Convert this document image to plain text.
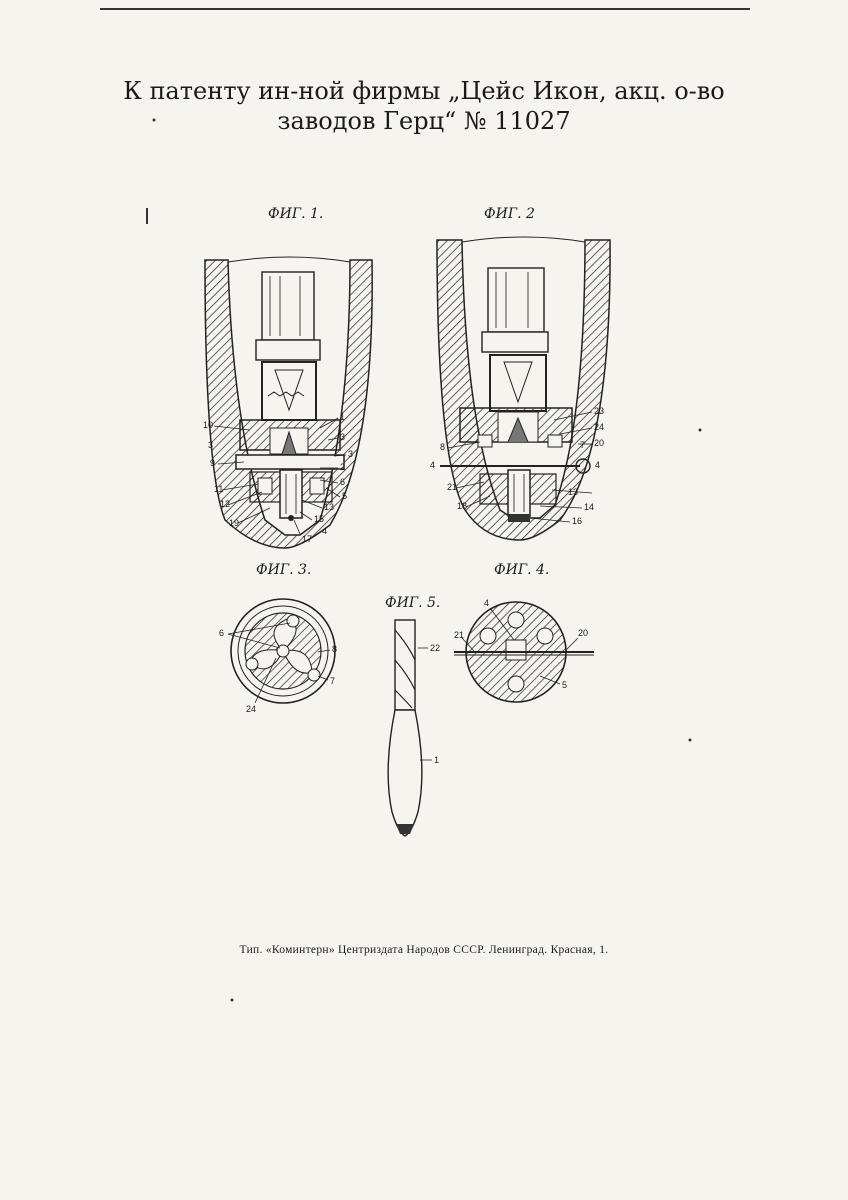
К патенту ин-ной фирмы „Цейс Икон, акц. о-во
заводов Герц“ № 11027
ФИГ. 1.	ФИГ. 2
ФИГ. 3.	ФИГ. 4.
ФИГ. 5.
10
9
3
11
12
19
1
3
3
2
6
5
13
15
17
4
8
4
21
18
23
24
20
7
4
13
14
16
6
8
7
24
4
21	20
5
22
1
Тип. «Коминтерн» Центриздата Народов СССР. Ленинград. Красная, 1.
